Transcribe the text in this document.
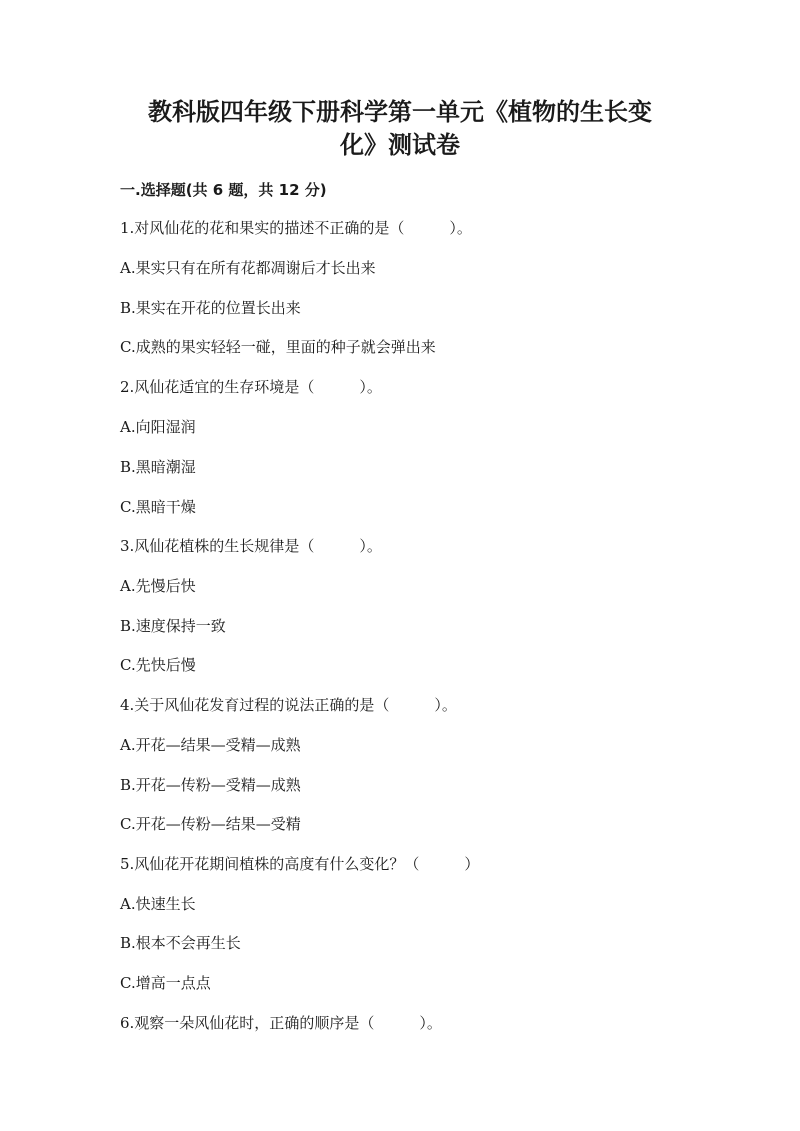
教科版四年级下册科学第一单元《植物的生长变
化》测试卷
一.选择题(共 6 题，共 12 分)
1.对风仙花的花和果实的描述不正确的是（　　　）。
A.果实只有在所有花都凋谢后才长出来
B.果实在开花的位置长出来
C.成熟的果实轻轻一碰，里面的种子就会弹出来
2.风仙花适宜的生存环境是（　　　）。
A.向阳湿润
B.黑暗潮湿
C.黑暗干燥
3.风仙花植株的生长规律是（　　　）。
A.先慢后快
B.速度保持一致
C.先快后慢
4.关于风仙花发育过程的说法正确的是（　　　）。
A.开花—结果—受精—成熟
B.开花—传粉—受精—成熟
C.开花—传粉—结果—受精
5.风仙花开花期间植株的高度有什么变化？（　　　）
A.快速生长
B.根本不会再生长
C.增高一点点
6.观察一朵风仙花时，正确的顺序是（　　　）。
